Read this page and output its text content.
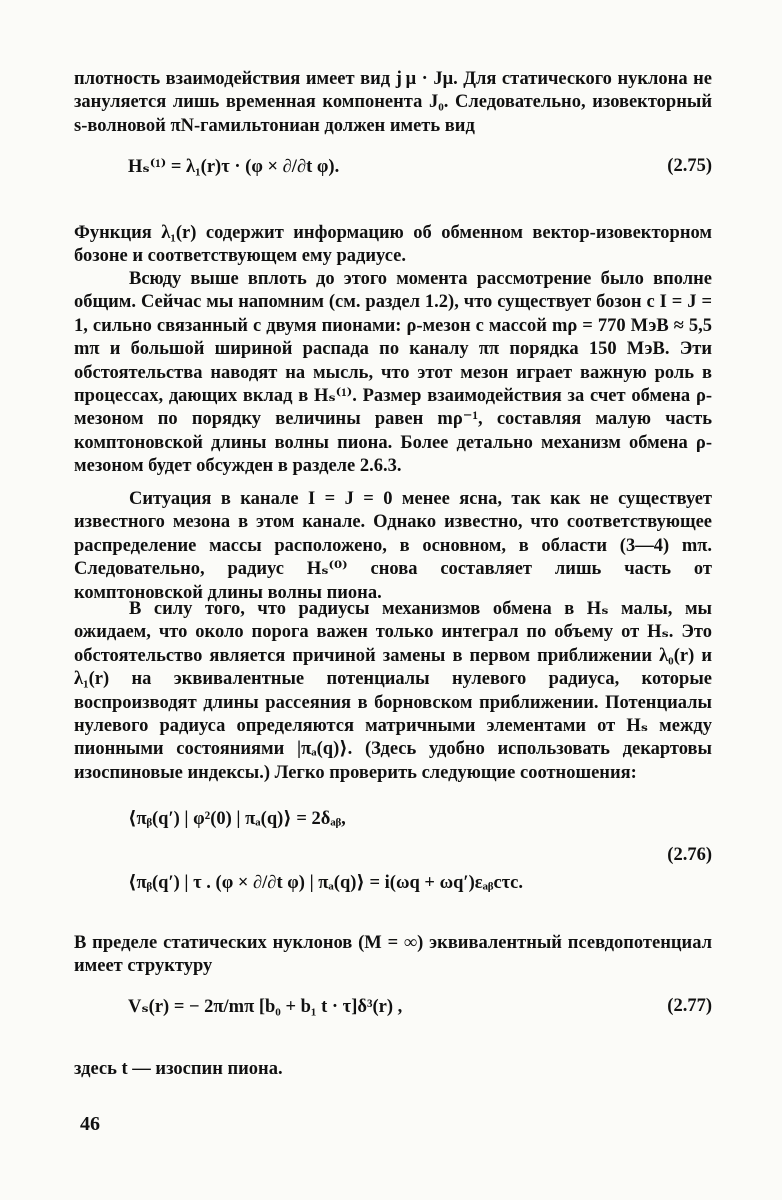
плотность взаимодействия имеет вид j μ · Jμ. Для статического нуклона не зануляется лишь временная компонента J₀. Следовательно, изовекторный s-волновой πN-гамильтониан должен иметь вид

Hₛ⁽¹⁾ = λ₁(r)τ · (φ × ∂/∂t φ).	(2.75)

Функция λ₁(r) содержит информацию об обменном вектор-изовекторном бозоне и соответствующем ему радиусе.

Всюду выше вплоть до этого момента рассмотрение было вполне общим. Сейчас мы напомним (см. раздел 1.2), что существует бозон с I = J = 1, сильно связанный с двумя пионами: ρ-мезон с массой mρ = 770 МэВ ≈ 5,5 mπ и большой шириной распада по каналу ππ порядка 150 МэВ. Эти обстоятельства наводят на мысль, что этот мезон играет важную роль в процессах, дающих вклад в Hₛ⁽¹⁾. Размер взаимодействия за счет обмена ρ-мезоном по порядку величины равен mρ⁻¹, составляя малую часть комптоновской длины волны пиона. Более детально механизм обмена ρ-мезоном будет обсужден в разделе 2.6.3.

Ситуация в канале I = J = 0 менее ясна, так как не существует известного мезона в этом канале. Однако известно, что соответствующее распределение массы расположено, в основном, в области (3—4) mπ. Следовательно, радиус Hₛ⁽⁰⁾ снова составляет лишь часть от комптоновской длины волны пиона.

В силу того, что радиусы механизмов обмена в Hₛ малы, мы ожидаем, что около порога важен только интеграл по объему от Hₛ. Это обстоятельство является причиной замены в первом приближении λ₀(r) и λ₁(r) на эквивалентные потенциалы нулевого радиуса, которые воспроизводят длины рассеяния в борновском приближении. Потенциалы нулевого радиуса определяются матричными элементами от Hₛ между пионными состояниями |πₐ(q)⟩. (Здесь удобно использовать декартовы изоспиновые индексы.) Легко проверить следующие соотношения:

⟨πᵦ(q′) | φ²(0) | πₐ(q)⟩ = 2δₐᵦ,
(2.76)
⟨πᵦ(q′) | τ . (φ × ∂/∂t φ) | πₐ(q)⟩ = i(ωq + ωq′)εₐᵦcτc.

В пределе статических нуклонов (M = ∞) эквивалентный псевдопотенциал имеет структуру

Vₛ(r) = − 2π/mπ [b₀ + b₁ t · τ]δ³(r) ,	(2.77)

здесь t — изоспин пиона.

46
